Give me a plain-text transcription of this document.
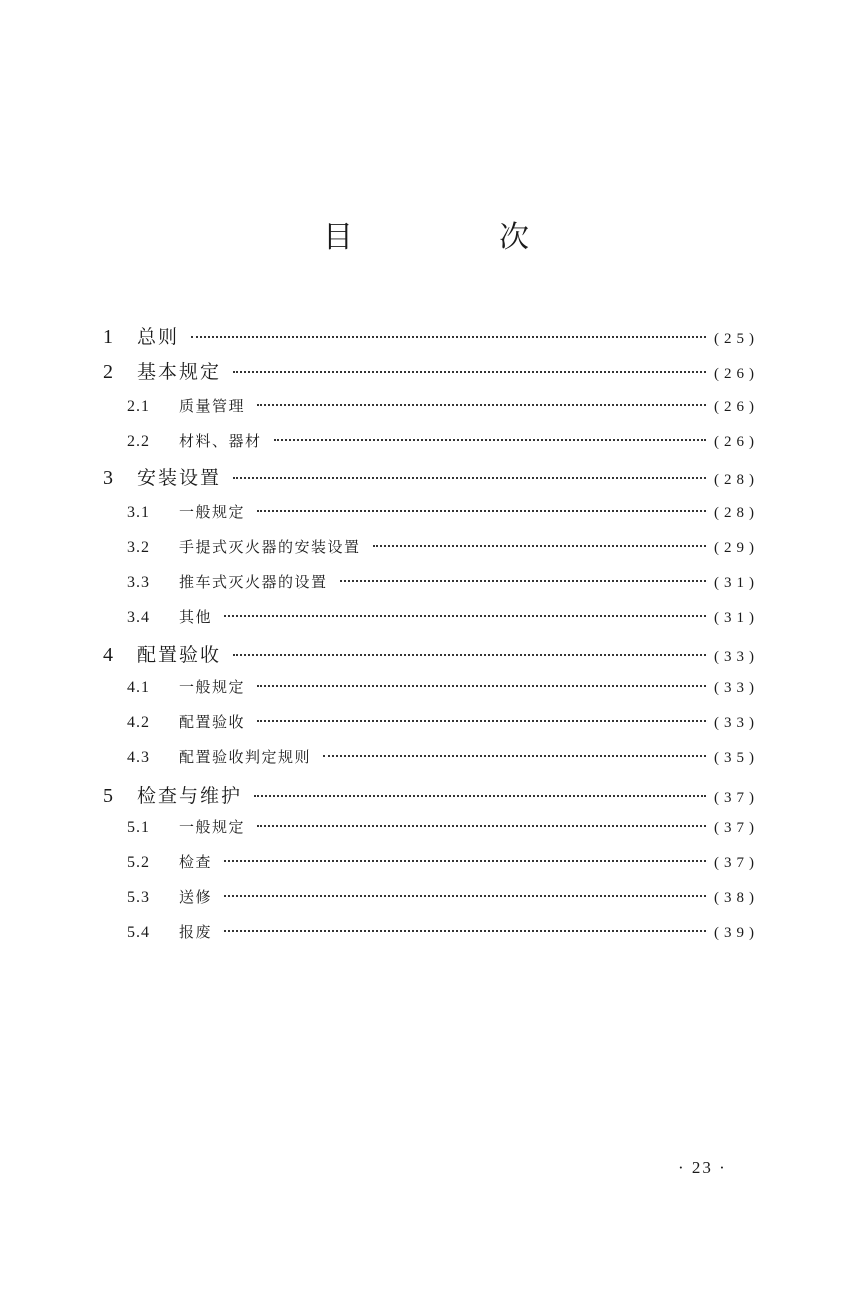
目　次
1	总则	(25)
2	基本规定	(26)
2.1	质量管理	(26)
2.2	材料、器材	(26)
3	安装设置	(28)
3.1	一般规定	(28)
3.2	手提式灭火器的安装设置	(29)
3.3	推车式灭火器的设置	(31)
3.4	其他	(31)
4	配置验收	(33)
4.1	一般规定	(33)
4.2	配置验收	(33)
4.3	配置验收判定规则	(35)
5	检查与维护	(37)
5.1	一般规定	(37)
5.2	检查	(37)
5.3	送修	(38)
5.4	报废	(39)
· 23 ·
